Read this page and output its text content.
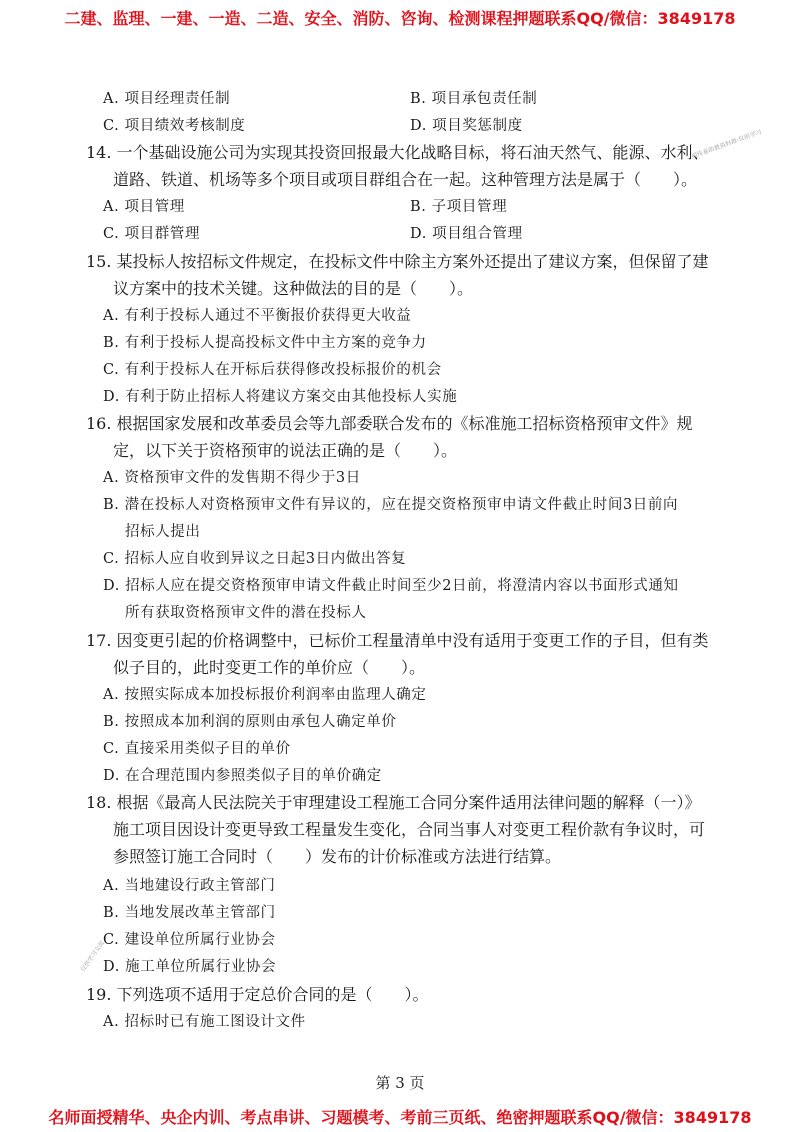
二建、监理、一建、一造、二造、安全、消防、咨询、检测课程押题联系QQ/微信：3849178
A. 项目经理责任制	B. 项目承包责任制
C. 项目绩效考核制度	D. 项目奖惩制度
14. 一个基础设施公司为实现其投资回报最大化战略目标，将石油天然气、能源、水利、
道路、铁道、机场等多个项目或项目群组合在一起。这种管理方法是属于（　　）。
胡传喜助教资料群·仅供学习
A. 项目管理	B. 子项目管理
C. 项目群管理	D. 项目组合管理
15. 某投标人按招标文件规定，在投标文件中除主方案外还提出了建议方案，但保留了建
议方案中的技术关键。这种做法的目的是（　　）。
A. 有利于投标人通过不平衡报价获得更大收益
B. 有利于投标人提高投标文件中主方案的竞争力
C. 有利于投标人在开标后获得修改投标报价的机会
D. 有利于防止招标人将建议方案交由其他投标人实施
16. 根据国家发展和改革委员会等九部委联合发布的《标准施工招标资格预审文件》规
定，以下关于资格预审的说法正确的是（　　）。
A. 资格预审文件的发售期不得少于3日
B. 潜在投标人对资格预审文件有异议的，应在提交资格预审申请文件截止时间3日前向
招标人提出
C. 招标人应自收到异议之日起3日内做出答复
D. 招标人应在提交资格预审申请文件截止时间至少2日前，将澄清内容以书面形式通知
所有获取资格预审文件的潜在投标人
17. 因变更引起的价格调整中，已标价工程量清单中没有适用于变更工作的子目，但有类
似子目的，此时变更工作的单价应（　　）。
A. 按照实际成本加投标报价利润率由监理人确定
B. 按照成本加利润的原则由承包人确定单价
C. 直接采用类似子目的单价
D. 在合理范围内参照类似子目的单价确定
18. 根据《最高人民法院关于审理建设工程施工合同分案件适用法律问题的解释（一）》
施工项目因设计变更导致工程量发生变化，合同当事人对变更工程价款有争议时，可
参照签订施工合同时（　　）发布的计价标准或方法进行结算。
A. 当地建设行政主管部门
B. 当地发展改革主管部门
C. 建设单位所属行业协会
仅供学习交流
D. 施工单位所属行业协会
19. 下列选项不适用于定总价合同的是（　　）。
A. 招标时已有施工图设计文件
第 3 页
名师面授精华、央企内训、考点串讲、习题模考、考前三页纸、绝密押题联系QQ/微信：3849178
